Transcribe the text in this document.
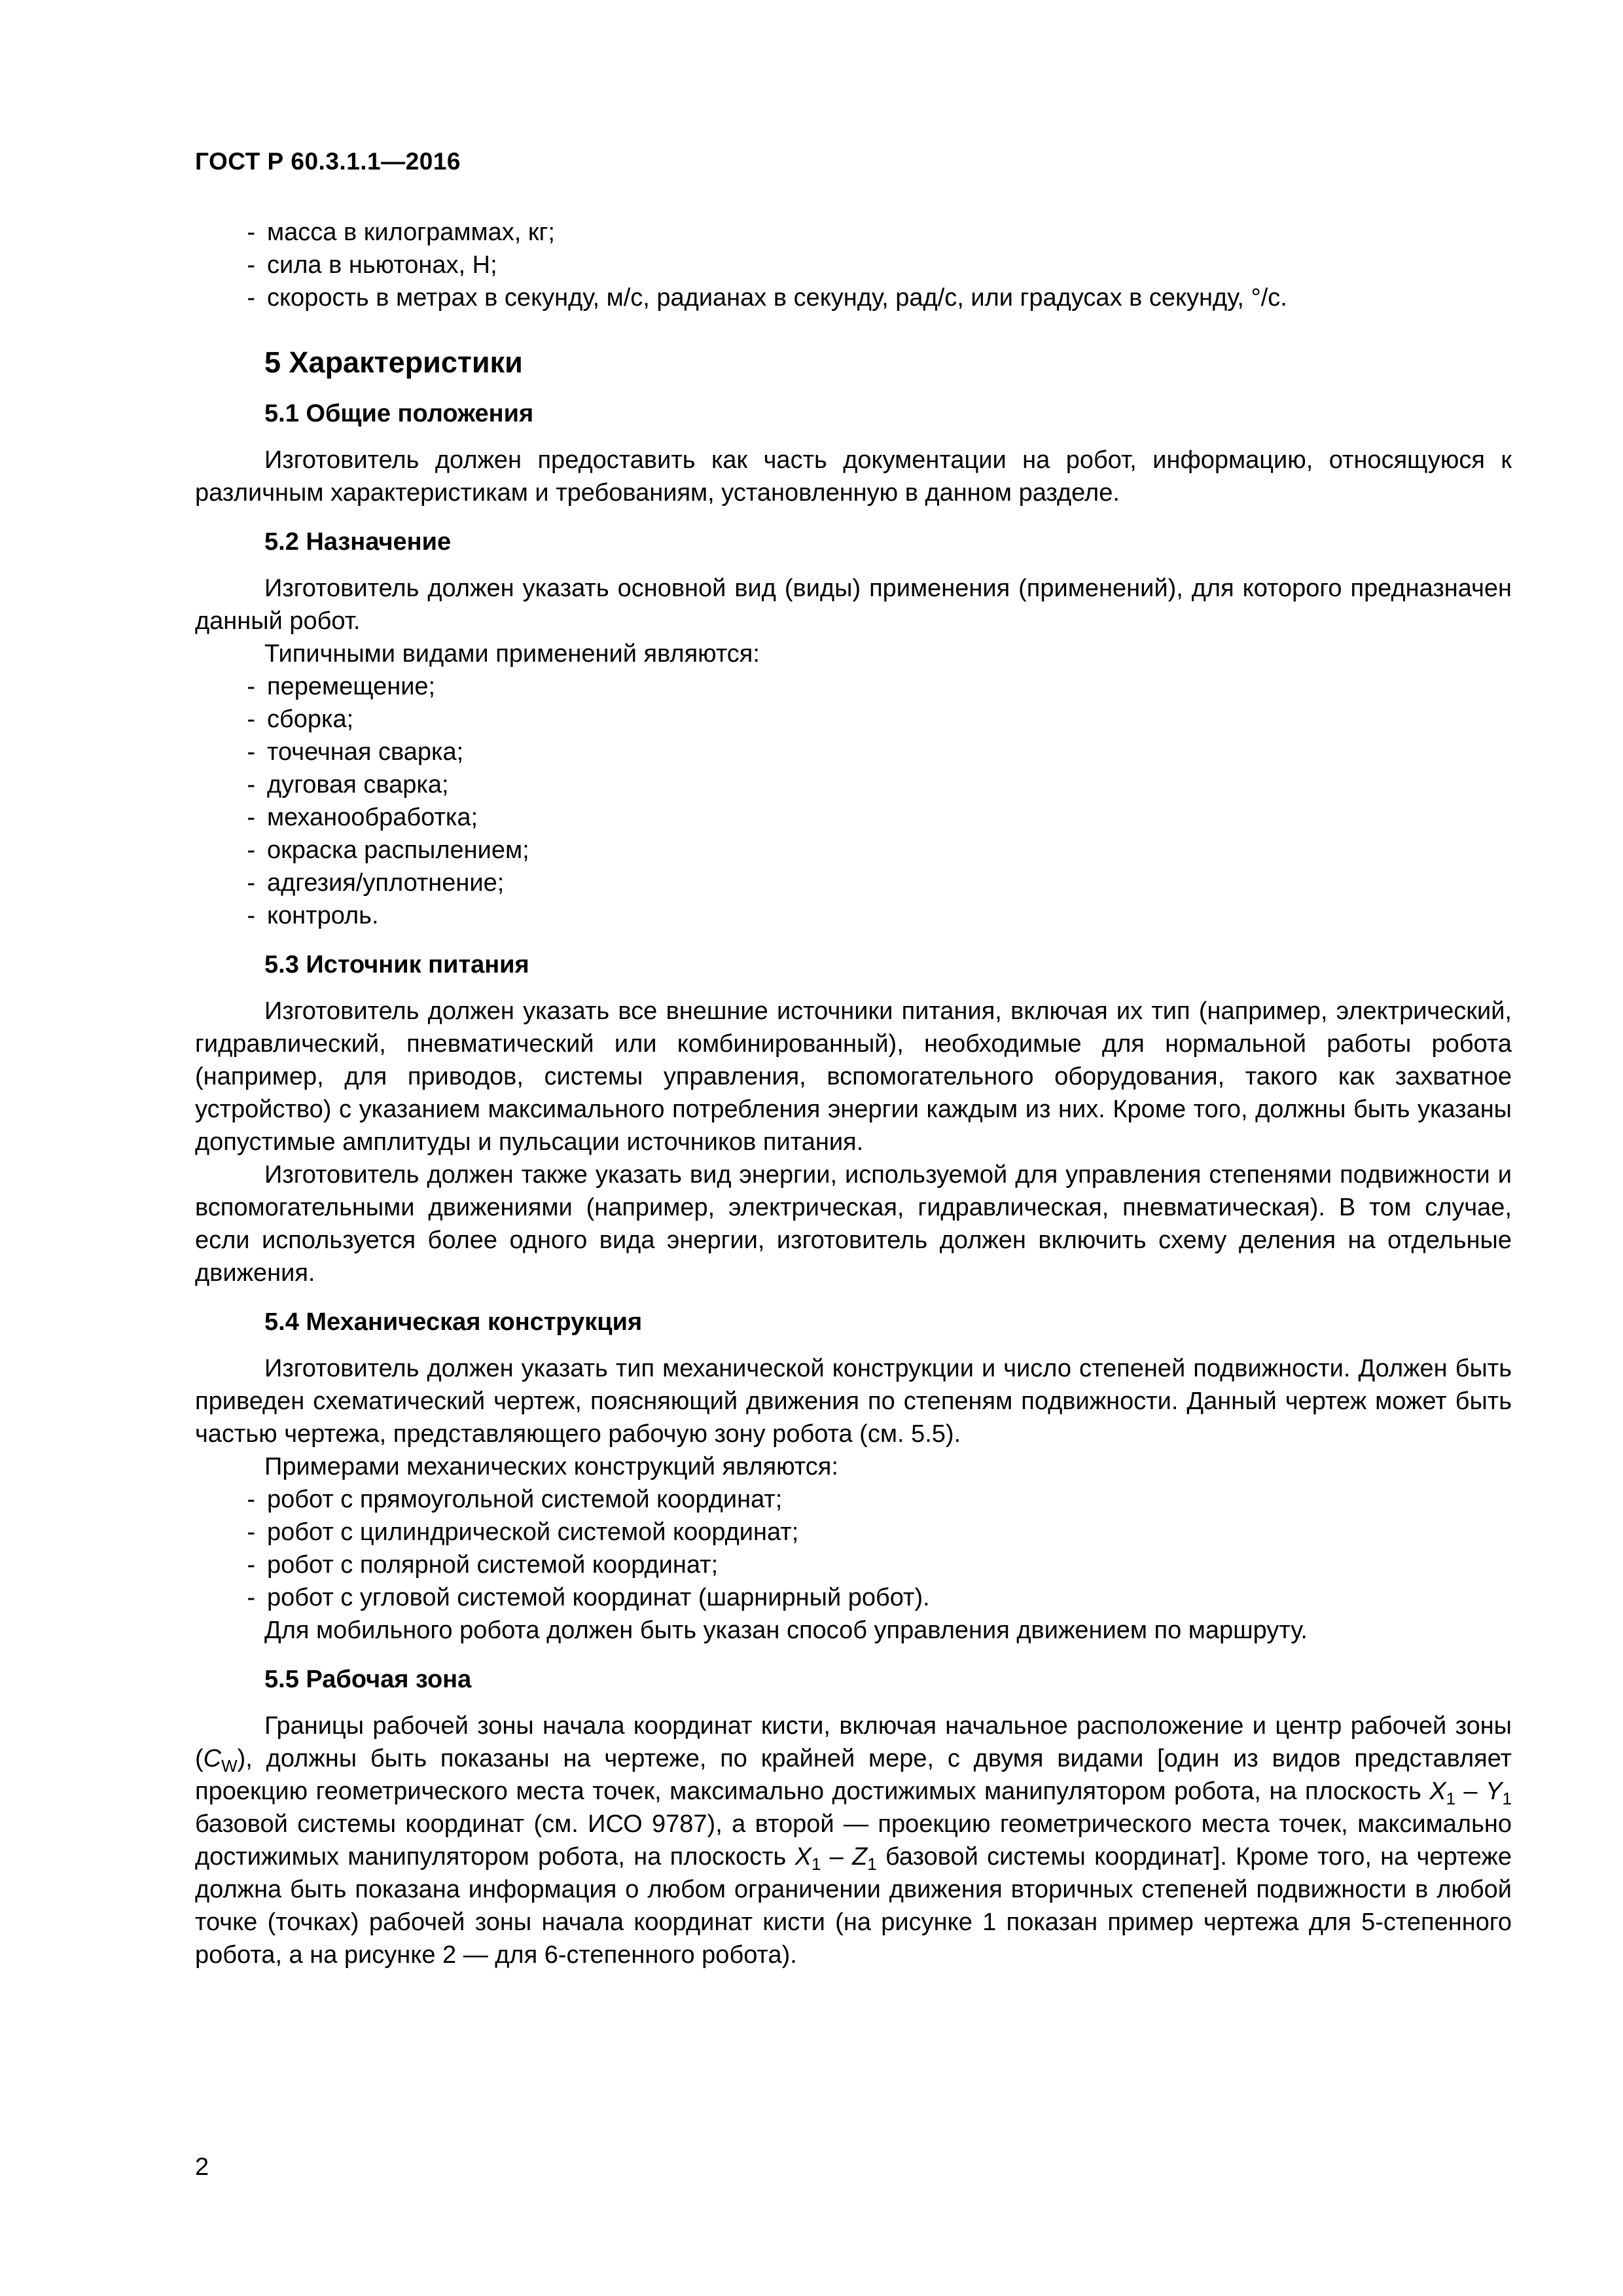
ГОСТ Р 60.3.1.1—2016
- масса в килограммах, кг;
- сила в ньютонах, Н;
- скорость в метрах в секунду, м/с, радианах в секунду, рад/с, или градусах в секунду, °/с.
5 Характеристики
5.1 Общие положения

Изготовитель должен предоставить как часть документации на робот, информацию, относящуюся к различным характеристикам и требованиям, установленную в данном разделе.

5.2 Назначение

Изготовитель должен указать основной вид (виды) применения (применений), для которого предназначен данный робот.

Типичными видами применений являются:

- перемещение;
- сборка;
- точечная сварка;
- дуговая сварка;
- механообработка;
- окраска распылением;
- адгезия/уплотнение;
- контроль.
5.3 Источник питания

Изготовитель должен указать все внешние источники питания, включая их тип (например, электрический, гидравлический, пневматический или комбинированный), необходимые для нормальной работы робота (например, для приводов, системы управления, вспомогательного оборудования, такого как захватное устройство) с указанием максимального потребления энергии каждым из них. Кроме того, должны быть указаны допустимые амплитуды и пульсации источников питания.

Изготовитель должен также указать вид энергии, используемой для управления степенями подвижности и вспомогательными движениями (например, электрическая, гидравлическая, пневматическая). В том случае, если используется более одного вида энергии, изготовитель должен включить схему деления на отдельные движения.

5.4 Механическая конструкция

Изготовитель должен указать тип механической конструкции и число степеней подвижности. Должен быть приведен схематический чертеж, поясняющий движения по степеням подвижности. Данный чертеж может быть частью чертежа, представляющего рабочую зону робота (см. 5.5).

Примерами механических конструкций являются:

- робот с прямоугольной системой координат;
- робот с цилиндрической системой координат;
- робот с полярной системой координат;
- робот с угловой системой координат (шарнирный робот).

Для мобильного робота должен быть указан способ управления движением по маршруту.

5.5 Рабочая зона

Границы рабочей зоны начала координат кисти, включая начальное расположение и центр рабочей зоны $(C_W)$, должны быть показаны на чертеже, по крайней мере, с двумя видами [один из видов представляет проекцию геометрического места точек, максимально достижимых манипулятором робота, на плоскость $X_1 - Y_1$ базовой системы координат (см. ИСО 9787), а второй — проекцию геометрического места точек, максимально достижимых манипулятором робота, на плоскость $X_1 - Z_1$ базовой системы координат]. Кроме того, на чертеже должна быть показана информация о любом ограничении движения вторичных степеней подвижности в любой точке (точках) рабочей зоны начала координат кисти (на рисунке 1 показан пример чертежа для 5-степенного робота, а на рисунке 2 — для 6-степенного робота).

2
